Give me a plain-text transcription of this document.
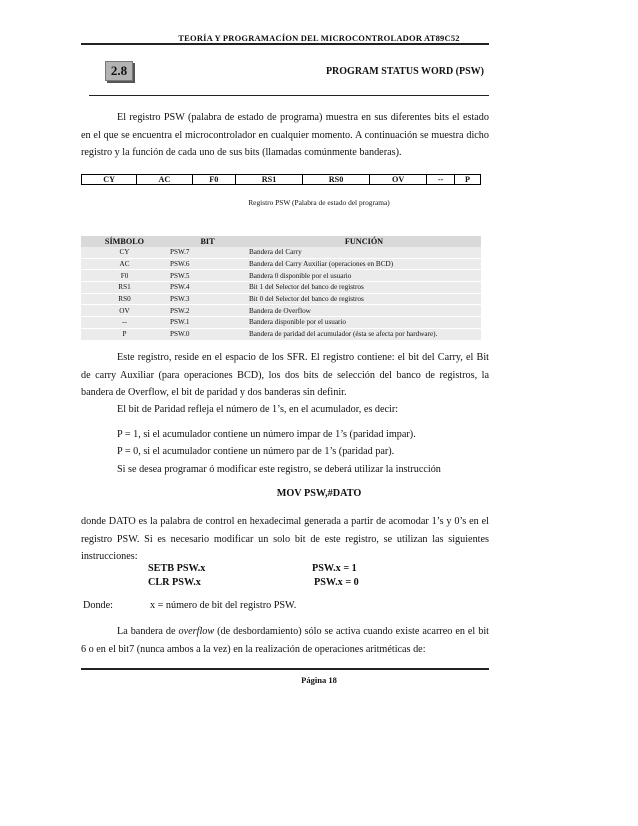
TEORÍA Y PROGRAMACÍON DEL MICROCONTROLADOR AT89C52
2.8	PROGRAM STATUS WORD (PSW)
El registro PSW (palabra de estado de programa) muestra en sus diferentes bits el estado en el que se encuentra el microcontrolador en cualquier momento. A continuación se muestra dicho registro y la función de cada uno de sus bits (llamadas comúnmente banderas).
CY	AC	F0	RS1	RS0	OV	--	P
Registro PSW (Palabra de estado del programa)
SÍMBOLO	BIT	FUNCIÓN
CY	PSW.7	Bandera del Carry
AC	PSW.6	Bandera del Carry Auxiliar (operaciones en BCD)
F0	PSW.5	Bandera 0 disponible por el usuario
RS1	PSW.4	Bit 1 del Selector del banco de registros
RS0	PSW.3	Bit 0 del Selector del banco de registros
OV	PSW.2	Bandera de Overflow
--	PSW.1	Bandera disponible por el usuario
P	PSW.0	Bandera de paridad del acumulador (ésta se afecta por hardware).
Este registro, reside en el espacio de los SFR. El registro contiene: el bit del Carry, el Bit de carry Auxiliar (para operaciones BCD), los dos bits de selección del banco de registros, la bandera de Overflow, el bit de paridad y dos banderas sin definir.
El bit de Paridad refleja el número de 1’s, en el acumulador, es decir:
P = 1, si el acumulador contiene un número impar de 1’s (paridad impar).
P = 0, si el acumulador contiene un número par de 1’s (paridad par).
Si se desea programar ó modificar este registro, se deberá utilizar la instrucción
MOV PSW,#DATO
donde DATO es la palabra de control en hexadecimal generada a partir de acomodar 1’s y 0’s en el registro PSW. Si es necesario modificar un solo bit de este registro, se utilizan las siguientes instrucciones:
SETB PSW.x	PSW.x = 1
CLR PSW.x	PSW.x = 0
Donde:	x = número de bit del registro PSW.
La bandera de overflow (de desbordamiento) sólo se activa cuando existe acarreo en el bit 6 o en el bit7 (nunca ambos a la vez) en la realización de operaciones aritméticas de:
Página 18
